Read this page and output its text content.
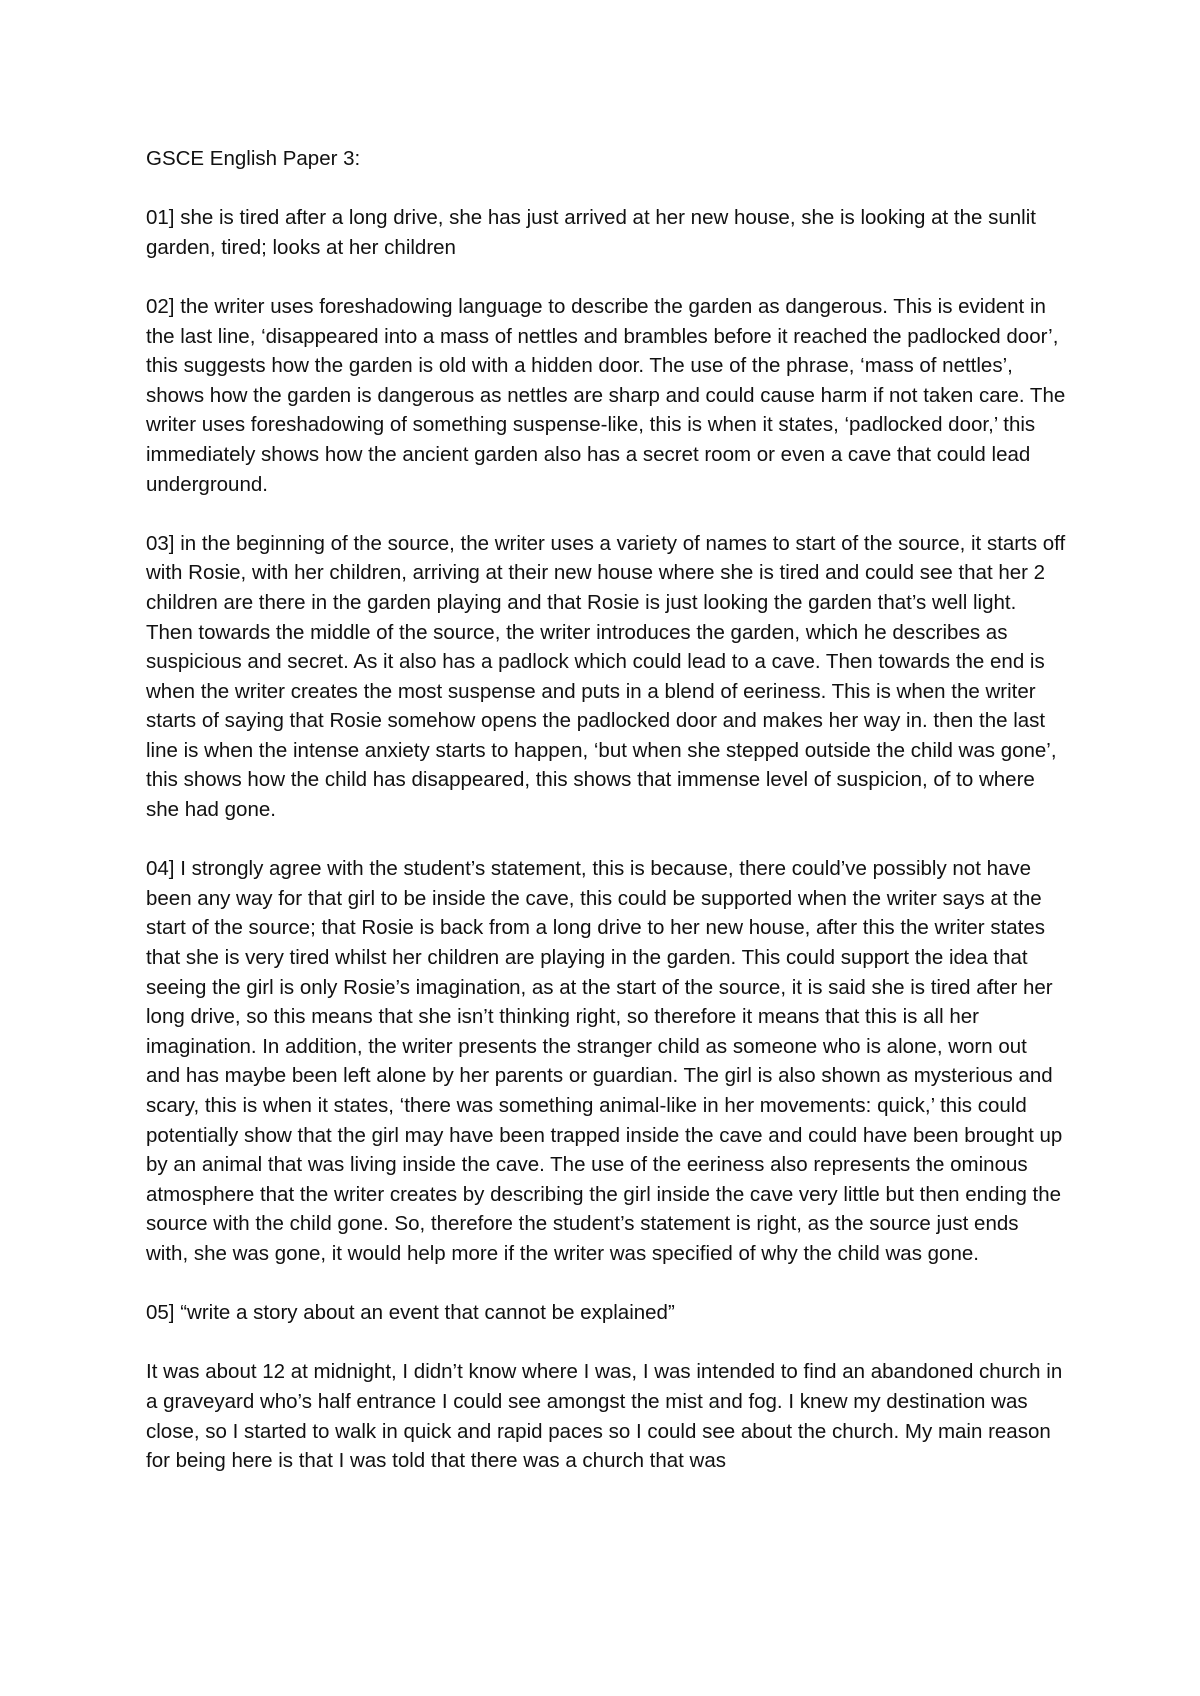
GSCE English Paper 3:

01] she is tired after a long drive, she has just arrived at her new house, she is looking at the sunlit garden, tired; looks at her children

02] the writer uses foreshadowing language to describe the garden as dangerous. This is evident in the last line, ‘disappeared into a mass of nettles and brambles before it reached the padlocked door’, this suggests how the garden is old with a hidden door. The use of the phrase, ‘mass of nettles’, shows how the garden is dangerous as nettles are sharp and could cause harm if not taken care. The writer uses foreshadowing of something suspense-like, this is when it states, ‘padlocked door,’ this immediately shows how the ancient garden also has a secret room or even a cave that could lead underground.

03] in the beginning of the source, the writer uses a variety of names to start of the source, it starts off with Rosie, with her children, arriving at their new house where she is tired and could see that her 2 children are there in the garden playing and that Rosie is just looking the garden that’s well light. Then towards the middle of the source, the writer introduces the garden, which he describes as suspicious and secret. As it also has a padlock which could lead to a cave. Then towards the end is when the writer creates the most suspense and puts in a blend of eeriness. This is when the writer starts of saying that Rosie somehow opens the padlocked door and makes her way in. then the last line is when the intense anxiety starts to happen, ‘but when she stepped outside the child was gone’, this shows how the child has disappeared, this shows that immense level of suspicion, of to where she had gone.

04] I strongly agree with the student’s statement, this is because, there could’ve possibly not have been any way for that girl to be inside the cave, this could be supported when the writer says at the start of the source; that Rosie is back from a long drive to her new house, after this the writer states that she is very tired whilst her children are playing in the garden. This could support the idea that seeing the girl is only Rosie’s imagination, as at the start of the source, it is said she is tired after her long drive, so this means that she isn’t thinking right, so therefore it means that this is all her imagination. In addition, the writer presents the stranger child as someone who is alone, worn out and has maybe been left alone by her parents or guardian. The girl is also shown as mysterious and scary, this is when it states, ‘there was something animal-like in her movements: quick,’ this could potentially show that the girl may have been trapped inside the cave and could have been brought up by an animal that was living inside the cave. The use of the eeriness also represents the ominous atmosphere that the writer creates by describing the girl inside the cave very little but then ending the source with the child gone. So, therefore the student’s statement is right, as the source just ends with, she was gone, it would help more if the writer was specified of why the child was gone.

05] “write a story about an event that cannot be explained”

It was about 12 at midnight, I didn’t know where I was, I was intended to find an abandoned church in a graveyard who’s half entrance I could see amongst the mist and fog. I knew my destination was close, so I started to walk in quick and rapid paces so I could see about the church. My main reason for being here is that I was told that there was a church that was
